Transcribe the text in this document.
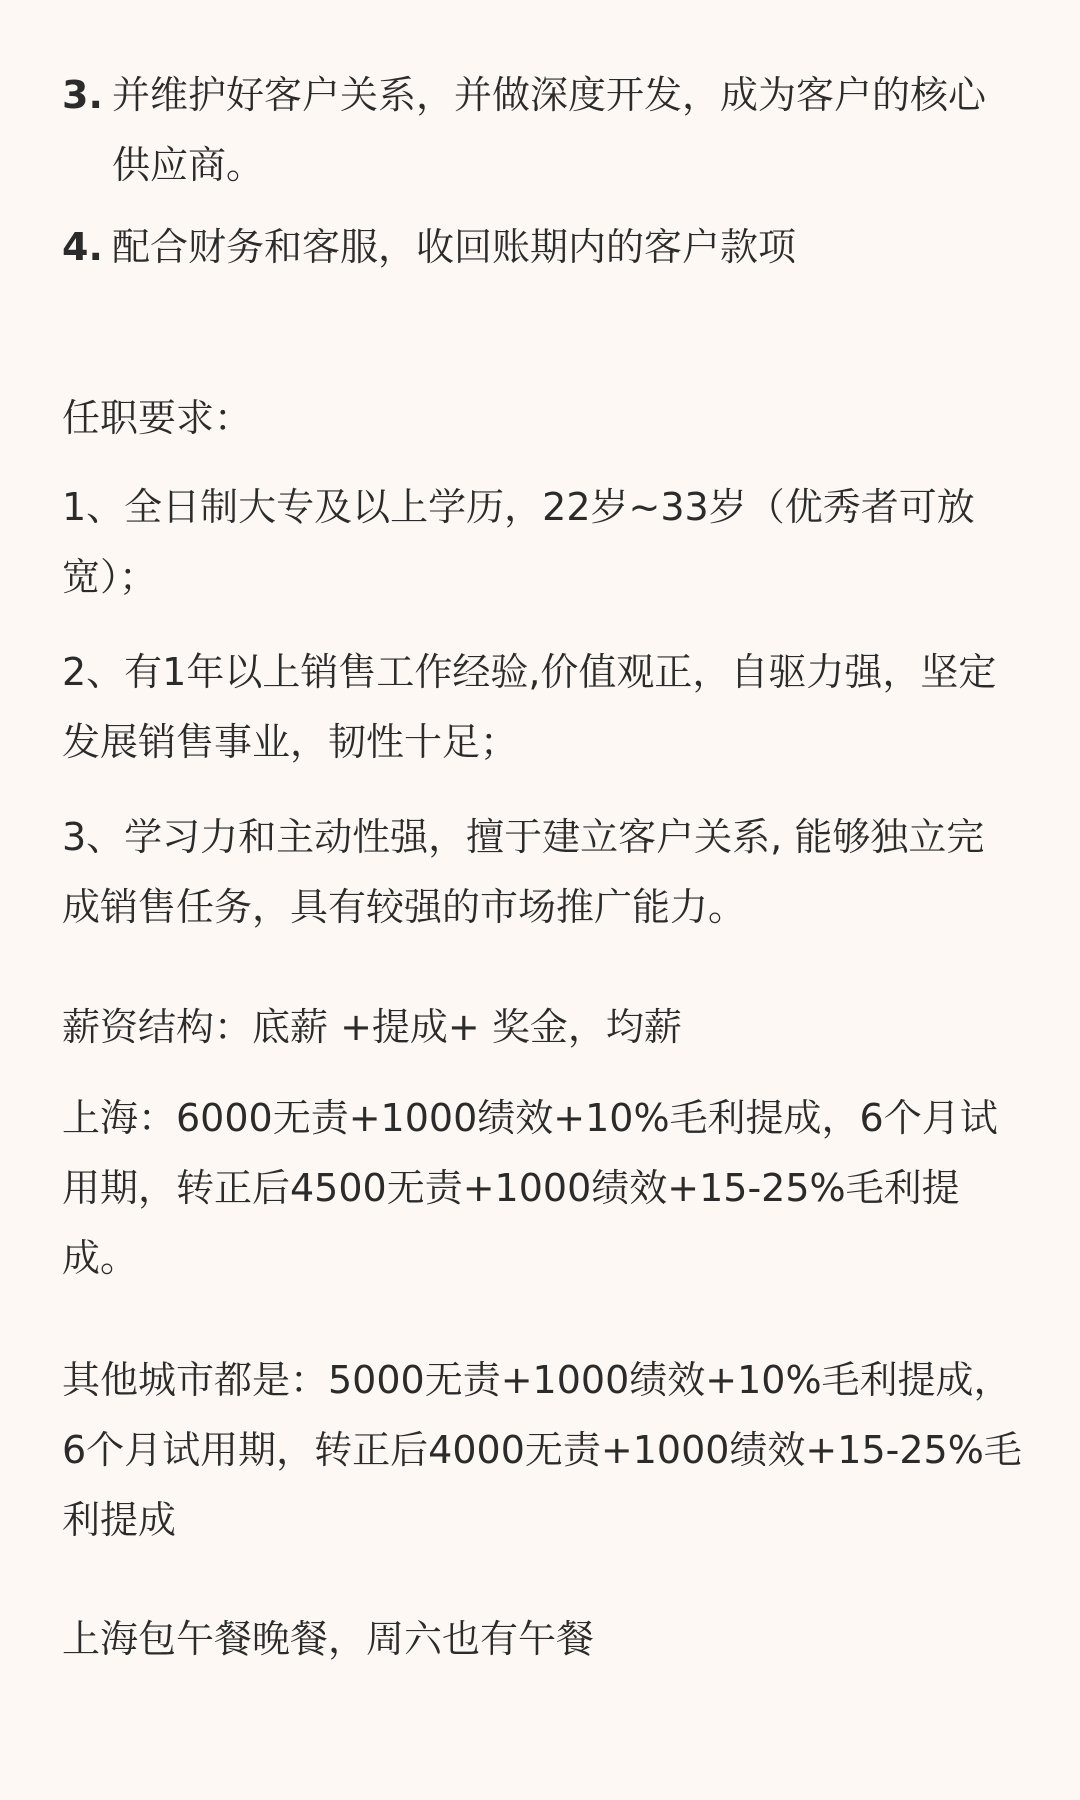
3. 并维护好客户关系，并做深度开发，成为客户的核心供应商。
4. 配合财务和客服，收回账期内的客户款项
任职要求：
1、全日制大专及以上学历，22岁~33岁（优秀者可放宽）；
2、有1年以上销售工作经验,价值观正，自驱力强，坚定发展销售事业，韧性十足；
3、学习力和主动性强，擅于建立客户关系, 能够独立完成销售任务，具有较强的市场推广能力。
薪资结构：底薪 +提成+ 奖金，均薪
上海：6000无责+1000绩效+10%毛利提成，6个月试用期，转正后4500无责+1000绩效+15-25%毛利提成。
其他城市都是：5000无责+1000绩效+10%毛利提成，6个月试用期，转正后4000无责+1000绩效+15-25%毛利提成
上海包午餐晚餐，周六也有午餐
